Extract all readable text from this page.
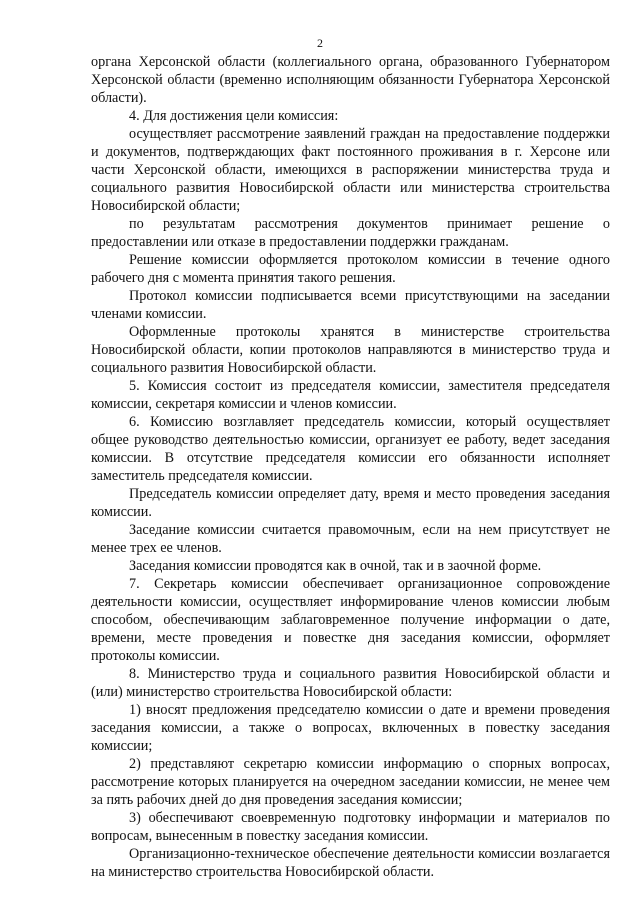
2

органа Херсонской области (коллегиального органа, образованного Губернатором Херсонской области (временно исполняющим обязанности Губернатора Херсонской области).

4. Для достижения цели комиссия:

осуществляет рассмотрение заявлений граждан на предоставление поддержки и документов, подтверждающих факт постоянного проживания в г. Херсоне или части Херсонской области, имеющихся в распоряжении министерства труда и социального развития Новосибирской области или министерства строительства Новосибирской области;

по результатам рассмотрения документов принимает решение о предоставлении или отказе в предоставлении поддержки гражданам.

Решение комиссии оформляется протоколом комиссии в течение одного рабочего дня с момента принятия такого решения.

Протокол комиссии подписывается всеми присутствующими на заседании членами комиссии.

Оформленные протоколы хранятся в министерстве строительства Новосибирской области, копии протоколов направляются в министерство труда и социального развития Новосибирской области.

5. Комиссия состоит из председателя комиссии, заместителя председателя комиссии, секретаря комиссии и членов комиссии.

6. Комиссию возглавляет председатель комиссии, который осуществляет общее руководство деятельностью комиссии, организует ее работу, ведет заседания комиссии. В отсутствие председателя комиссии его обязанности исполняет заместитель председателя комиссии.

Председатель комиссии определяет дату, время и место проведения заседания комиссии.

Заседание комиссии считается правомочным, если на нем присутствует не менее трех ее членов.

Заседания комиссии проводятся как в очной, так и в заочной форме.

7. Секретарь комиссии обеспечивает организационное сопровождение деятельности комиссии, осуществляет информирование членов комиссии любым способом, обеспечивающим заблаговременное получение информации о дате, времени, месте проведения и повестке дня заседания комиссии, оформляет протоколы комиссии.

8. Министерство труда и социального развития Новосибирской области и (или) министерство строительства Новосибирской области:

1) вносят предложения председателю комиссии о дате и времени проведения заседания комиссии, а также о вопросах, включенных в повестку заседания комиссии;

2) представляют секретарю комиссии информацию о спорных вопросах, рассмотрение которых планируется на очередном заседании комиссии, не менее чем за пять рабочих дней до дня проведения заседания комиссии;

3) обеспечивают своевременную подготовку информации и материалов по вопросам, вынесенным в повестку заседания комиссии.

Организационно-техническое обеспечение деятельности комиссии возлагается на министерство строительства Новосибирской области.
